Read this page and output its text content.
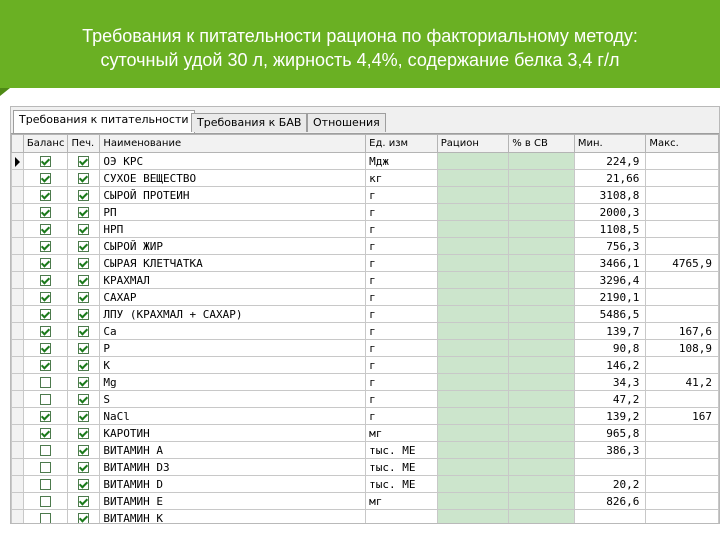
Требования к питательности рациона по факториальному методу:
суточный удой 30 л, жирность 4,4%, содержание белка 3,4 г/л
Требования к питательности Требования к БАВ	Отношения
	Баланс	Печ.	Наименование	Ед. изм	Рацион	% в СВ	Мин.	Макс.
			ОЭ КРС	Мдж			224,9	
			СУХОЕ ВЕЩЕСТВО	кг			21,66	
			СЫРОЙ ПРОТЕИН	г			3108,8	
			РП	г			2000,3	
			НРП	г			1108,5	
			СЫРОЙ ЖИР	г			756,3	
			СЫРАЯ КЛЕТЧАТКА	г			3466,1	4765,9
			КРАХМАЛ	г			3296,4	
			САХАР	г			2190,1	
			ЛПУ (КРАХМАЛ + САХАР)	г			5486,5	
			Са	г			139,7	167,6
			P	г			90,8	108,9
			K	г			146,2	
			Mg	г			34,3	41,2
			S	г			47,2	
			NaCl	г			139,2	167
			КАРОТИН	мг			965,8	
			ВИТАМИН А	тыс. МЕ			386,3	
			ВИТАМИН D3	тыс. МЕ				
			ВИТАМИН D	тыс. МЕ			20,2	
			ВИТАМИН Е	мг			826,6	
			ВИТАМИН К					
